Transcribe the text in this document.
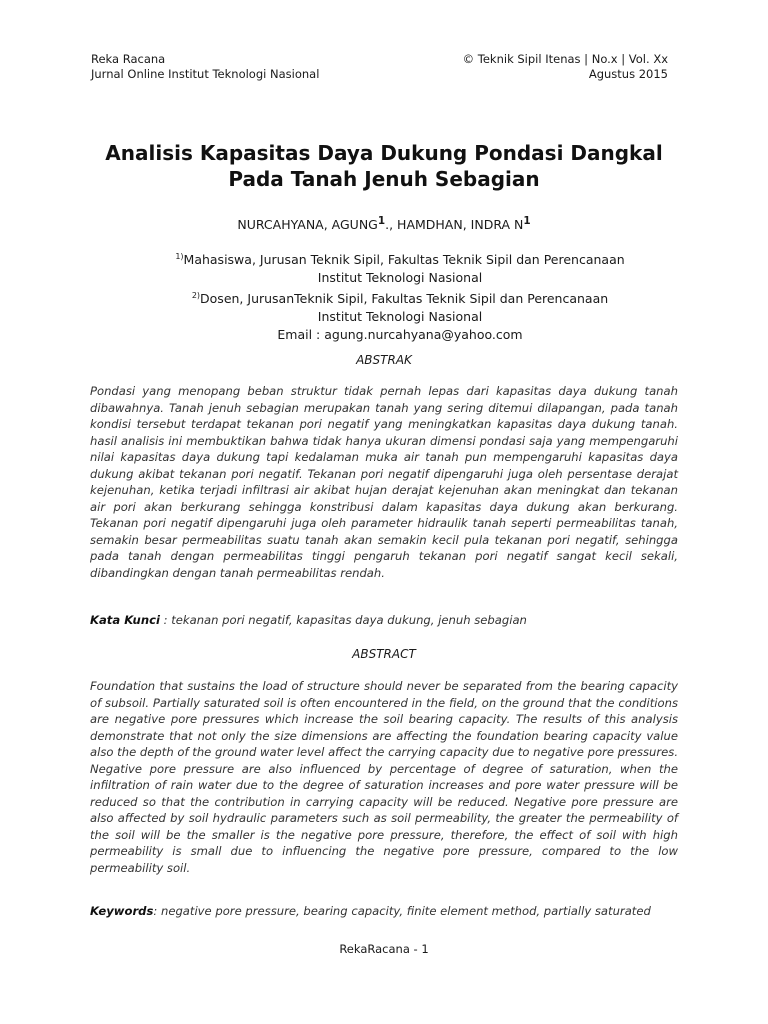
Reka Racana
Jurnal Online Institut Teknologi Nasional
© Teknik Sipil Itenas | No.x | Vol. Xx
Agustus 2015
Analisis Kapasitas Daya Dukung Pondasi Dangkal
Pada Tanah Jenuh Sebagian
NURCAHYANA, AGUNG$^1$., HAMDHAN, INDRA $N^1$
$^{1)}$Mahasiswa, Jurusan Teknik Sipil, Fakultas Teknik Sipil dan Perencanaan
Institut Teknologi Nasional
$^{2)}$Dosen, JurusanTeknik Sipil, Fakultas Teknik Sipil dan Perencanaan
Institut Teknologi Nasional
Email : agung.nurcahyana@yahoo.com
ABSTRAK
Pondasi yang menopang beban struktur tidak pernah lepas dari kapasitas daya dukung tanah dibawahnya. Tanah jenuh sebagian merupakan tanah yang sering ditemui dilapangan, pada tanah kondisi tersebut terdapat tekanan pori negatif yang meningkatkan kapasitas daya dukung tanah. hasil analisis ini membuktikan bahwa tidak hanya ukuran dimensi pondasi saja yang mempengaruhi nilai kapasitas daya dukung tapi kedalaman muka air tanah pun mempengaruhi kapasitas daya dukung akibat tekanan pori negatif. Tekanan pori negatif dipengaruhi juga oleh persentase derajat kejenuhan, ketika terjadi infiltrasi air akibat hujan derajat kejenuhan akan meningkat dan tekanan air pori akan berkurang sehingga konstribusi dalam kapasitas daya dukung akan berkurang. Tekanan pori negatif dipengaruhi juga oleh parameter hidraulik tanah seperti permeabilitas tanah, semakin besar permeabilitas suatu tanah akan semakin kecil pula tekanan pori negatif, sehingga pada tanah dengan permeabilitas tinggi pengaruh tekanan pori negatif sangat kecil sekali, dibandingkan dengan tanah permeabilitas rendah.
Kata Kunci : tekanan pori negatif, kapasitas daya dukung, jenuh sebagian
ABSTRACT
Foundation that sustains the load of structure should never be separated from the bearing capacity of subsoil. Partially saturated soil is often encountered in the field, on the ground that the conditions are negative pore pressures which increase the soil bearing capacity. The results of this analysis demonstrate that not only the size dimensions are affecting the foundation bearing capacity value also the depth of the ground water level affect the carrying capacity due to negative pore pressures. Negative pore pressure are also influenced by percentage of degree of saturation, when the infiltration of rain water due to the degree of saturation increases and pore water pressure will be reduced so that the contribution in carrying capacity will be reduced. Negative pore pressure are also affected by soil hydraulic parameters such as soil permeability, the greater the permeability of the soil will be the smaller is the negative pore pressure, therefore, the effect of soil with high permeability is small due to influencing the negative pore pressure, compared to the low permeability soil.
Keywords: negative pore pressure, bearing capacity, finite element method, partially saturated
RekaRacana - 1
